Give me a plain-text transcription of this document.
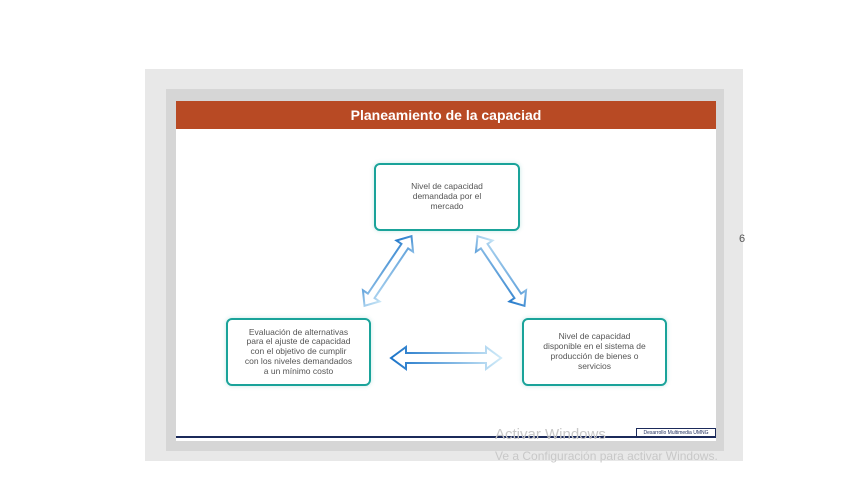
Planeamiento de la capaciad
Nivel de capacidad
demandada por el
mercado
Evaluación de alternativas
para el ajuste de capacidad
con el objetivo de cumplir
con los niveles demandados
a un mínimo costo
Nivel de capacidad
disponible en el sistema de
producción de bienes o
servicios
Desarrollo Multimedia UMNG
6
Activar Windows
Ve a Configuración para activar Windows.
